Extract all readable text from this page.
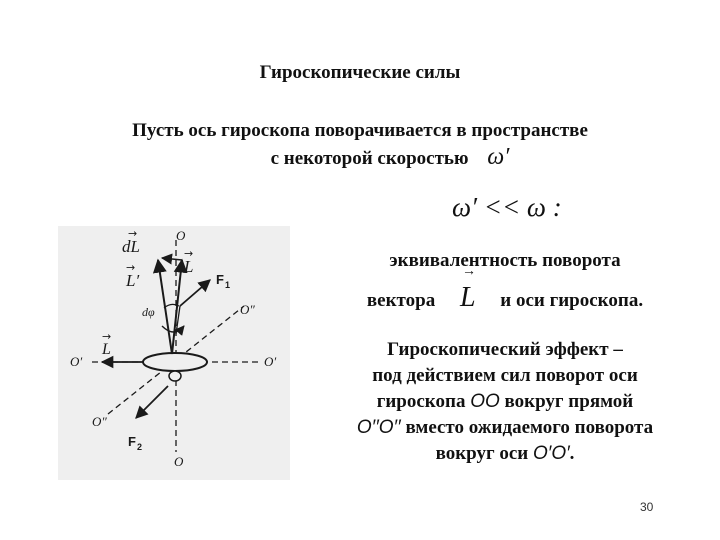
Гироскопические силы
Пусть ось гироскопа поворачивается в пространстве
с некоторой скоростью ω′
ω′ << ω :
эквивалентность поворота
вектора → L и оси гироскопа.
Гироскопический эффект –
под действием сил поворот оси
гироскопа OO вокруг прямой
O′′O′′ вместо ожидаемого поворота
вокруг оси O′O′.
30
dL
→
L′
→	L
→
F 1
F 2
dφ
O
O
O″
O″
O′	O′
L
→
